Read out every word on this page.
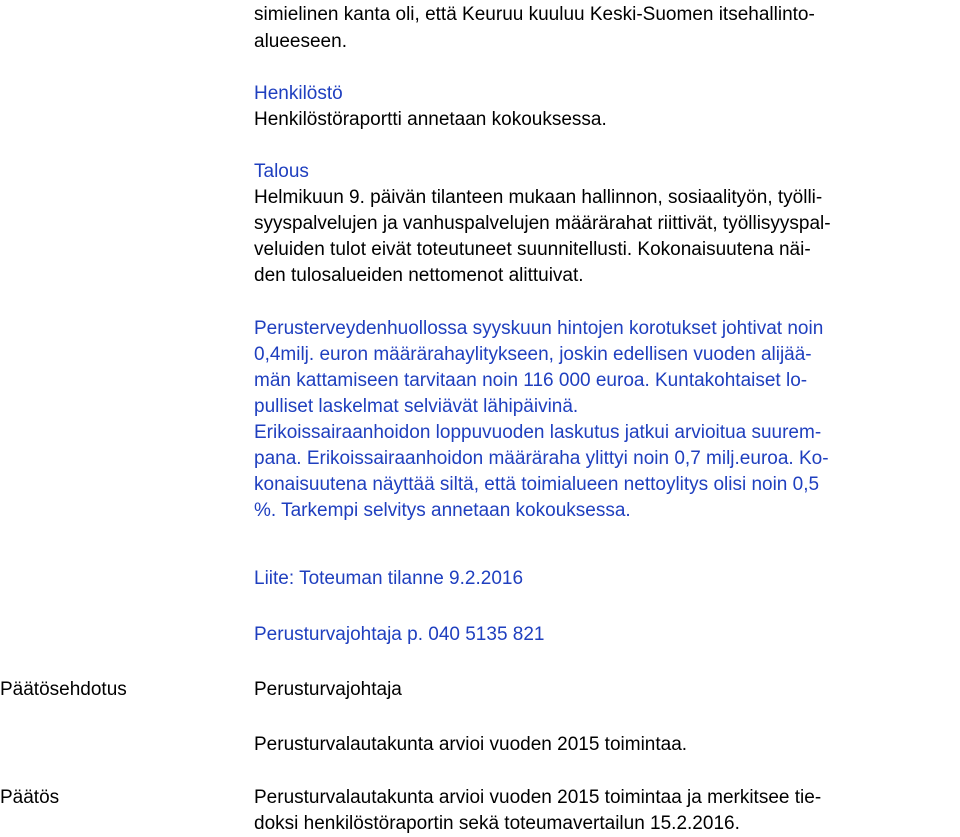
simielinen kanta oli, että Keuruu kuuluu Keski-Suomen itsehallinto-
alueeseen.
Henkilöstö
Henkilöstöraportti annetaan kokouksessa.
Talous
Helmikuun 9. päivän tilanteen mukaan hallinnon, sosiaalityön, työlli-
syyspalvelujen ja vanhuspalvelujen määrärahat riittivät, työllisyyspal-
veluiden tulot eivät toteutuneet suunnitellusti. Kokonaisuutena näi-
den tulosalueiden nettomenot alittuivat.
Perusterveydenhuollossa syyskuun hintojen korotukset johtivat noin
0,4milj. euron määrärahaylitykseen, joskin edellisen vuoden alijää-
män kattamiseen tarvitaan noin 116 000 euroa. Kuntakohtaiset lo-
pulliset laskelmat selviävät lähipäivinä.
Erikoissairaanhoidon loppuvuoden laskutus jatkui arvioitua suurem-
pana. Erikoissairaanhoidon määräraha ylittyi noin 0,7 milj.euroa. Ko-
konaisuutena näyttää siltä, että toimialueen nettoylitys olisi noin 0,5
%. Tarkempi selvitys annetaan kokouksessa.
Liite: Toteuman tilanne 9.2.2016
Perusturvajohtaja p. 040 5135 821
Perusturvajohtaja
Perusturvalautakunta arvioi vuoden 2015 toimintaa.
Perusturvalautakunta arvioi vuoden 2015 toimintaa ja merkitsee tie-
doksi henkilöstöraportin sekä toteumavertailun 15.2.2016.
Päätösehdotus
Päätös
